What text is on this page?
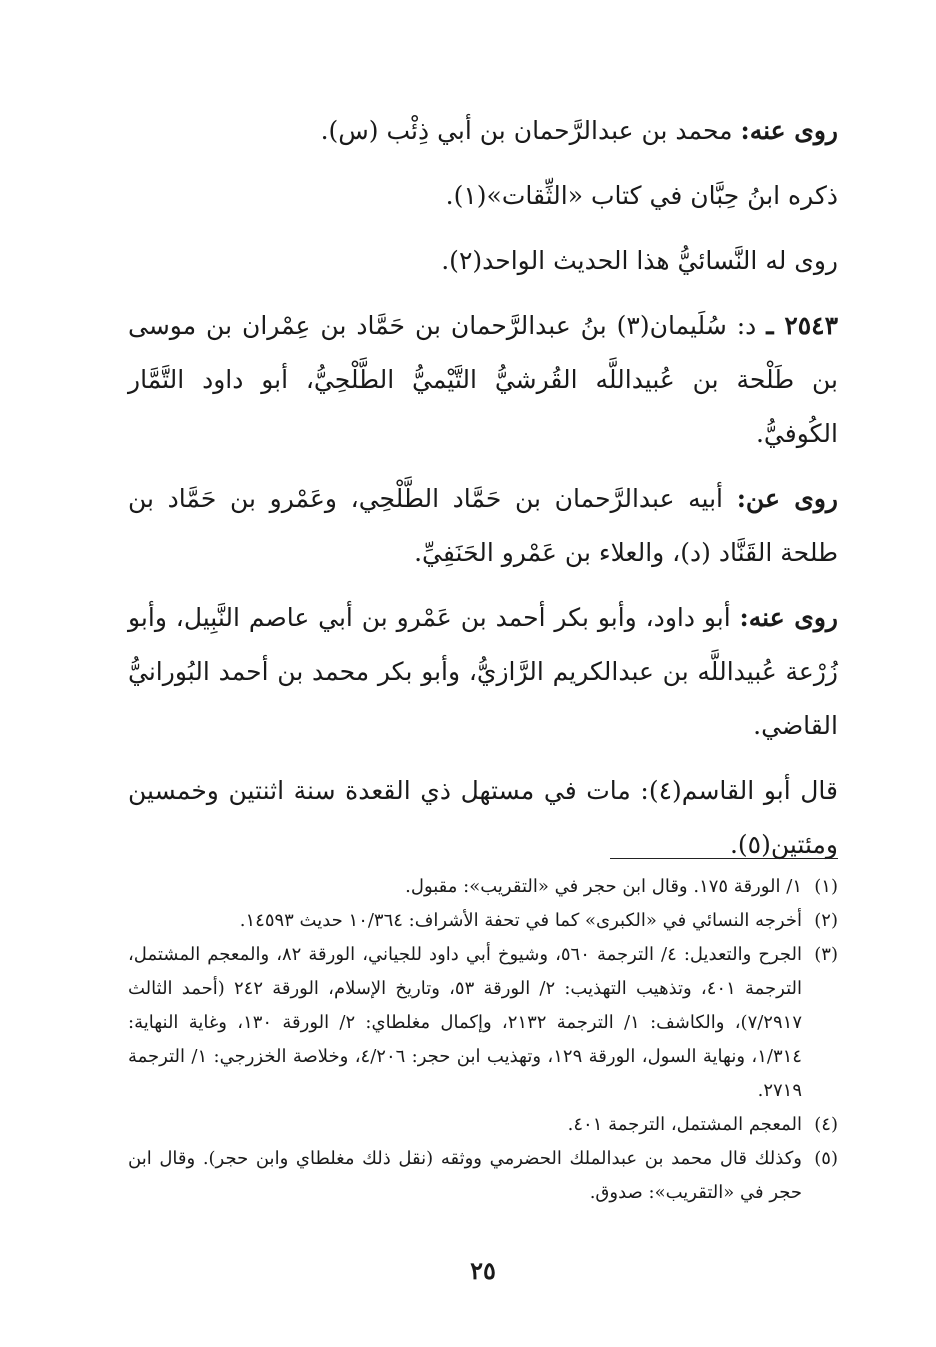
روى عنه: محمد بن عبدالرَّحمان بن أبي ذِئْب (س).

ذكره ابنُ حِبَّان في كتاب «الثِّقات»(١).

روى له النَّسائيُّ هذا الحديث الواحد(٢).

٢٥٤٣ ـ د: سُلَيمان(٣) بنُ عبدالرَّحمان بن حَمَّاد بن عِمْران بن موسى بن طَلْحة بن عُبيداللَّه القُرشيُّ التَّيْميُّ الطَّلْحِيُّ، أبو داود التَّمَّار الكُوفيُّ.

روى عن: أبيه عبدالرَّحمان بن حَمَّاد الطَّلْحِي، وعَمْرو بن حَمَّاد بن طلحة القَنَّاد (د)، والعلاء بن عَمْرو الحَنَفِيِّ.

روى عنه: أبو داود، وأبو بكر أحمد بن عَمْرو بن أبي عاصم النَّبِيل، وأبو زُرْعة عُبيداللَّه بن عبدالكريم الرَّازيُّ، وأبو بكر محمد بن أحمد البُورانيُّ القاضي.

قال أبو القاسم(٤): مات في مستهل ذي القعدة سنة اثنتين وخمسين ومئتين(٥).

(١)
١/ الورقة ١٧٥. وقال ابن حجر في «التقريب»: مقبول.
(٢)
أخرجه النسائي في «الكبرى» كما في تحفة الأشراف: ١٠/٣٦٤ حديث ١٤٥٩٣.
(٣)
الجرح والتعديل: ٤/ الترجمة ٥٦٠، وشيوخ أبي داود للجياني، الورقة ٨٢، والمعجم المشتمل، الترجمة ٤٠١، وتذهيب التهذيب: ٢/ الورقة ٥٣، وتاريخ الإسلام، الورقة ٢٤٢ (أحمد الثالث ٧/٢٩١٧)، والكاشف: ١/ الترجمة ٢١٣٢، وإكمال مغلطاي: ٢/ الورقة ١٣٠، وغاية النهاية: ١/٣١٤، ونهاية السول، الورقة ١٢٩، وتهذيب ابن حجر: ٤/٢٠٦، وخلاصة الخزرجي: ١/ الترجمة ٢٧١٩.
(٤)
المعجم المشتمل، الترجمة ٤٠١.
(٥)
وكذلك قال محمد بن عبدالملك الحضرمي ووثقه (نقل ذلك مغلطاي وابن حجر). وقال ابن حجر في «التقريب»: صدوق.
٢٥
